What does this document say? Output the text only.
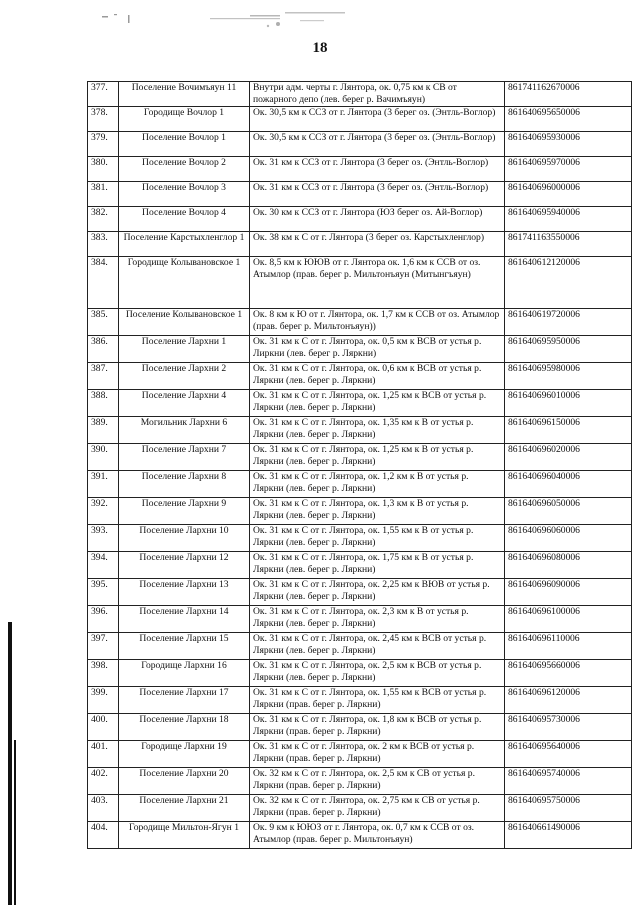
18
377.	Поселение Вочимъяун 11	Внутри адм. черты г. Лянтора, ок. 0,75 км к СВ от пожарного депо (лев. берег р. Вачимъяун)	861741162670006
378.	Городище Вочлор 1	Ок. 30,5 км к ССЗ от г. Лянтора (3 берег оз. (Энтль-Воглор)	861640695650006
379.	Поселение Вочлор 1	Ок. 30,5 км к ССЗ от г. Лянтора (3 берег оз. (Энтль-Воглор)	861640695930006
380.	Поселение Вочлор 2	Ок. 31 км к ССЗ от г. Лянтора (3 берег оз. (Энтль-Воглор)	861640695970006
381.	Поселение Вочлор 3	Ок. 31 км к ССЗ от г. Лянтора (3 берег оз. (Энтль-Воглор)	861640696000006
382.	Поселение Вочлор 4	Ок. 30 км к ССЗ от г. Лянтора (ЮЗ берег оз. Ай-Воглор)	861640695940006
383.	Поселение Карстыхленглор 1	Ок. 38 км к С от г. Лянтора (3 берег оз. Карстыхленглор)	861741163550006
384.	Городище Колывановское 1	Ок. 8,5 км к ЮЮВ от г. Лянтора ок. 1,6 км к ССВ от оз. Атымлор (прав. берег р. Мильтонъяун (Митынгъяун)	861640612120006
385.	Поселение Колывановское 1	Ок. 8 км к Ю от г. Лянтора, ок. 1,7 км к ССВ от оз. Атымлор (прав. берег р. Мильтонъяун))	861640619720006
386.	Поселение Лархни 1	Ок. 31 км к С от г. Лянтора, ок. 0,5 км к ВСВ от устья р. Лиркни (лев. берег р. Ляркни)	861640695950006
387.	Поселение Лархни 2	Ок. 31 км к С от г. Лянтора, ок. 0,6 км к ВСВ от устья р. Ляркни (лев. берег р. Ляркни)	861640695980006
388.	Поселение Лархни 4	Ок. 31 км к С от г. Лянтора, ок. 1,25 км к ВСВ от устья р. Ляркни (лев. берег р. Ляркни)	861640696010006
389.	Могильник Лархни 6	Ок. 31 км к С от г. Лянтора, ок. 1,35 км к В от устья р. Ляркни (лев. берег р. Ляркни)	861640696150006
390.	Поселение Лархни 7	Ок. 31 км к С от г. Лянтора, ок. 1,25 км к В от устья р. Ляркни (лев. берег р. Ляркни)	861640696020006
391.	Поселение Лархни 8	Ок. 31 км к С от г. Лянтора, ок. 1,2 км к В от устья р. Ляркни (лев. берег р. Ляркни)	861640696040006
392.	Поселение Лархни 9	Ок. 31 км к С от г. Лянтора, ок. 1,3 км к В от устья р. Ляркни (лев. берег р. Ляркни)	861640696050006
393.	Поселение Лархни 10	Ок. 31 км к С от г. Лянтора, ок. 1,55 км к В от устья р. Ляркни (лев. берег р. Ляркни)	861640696060006
394.	Поселение Лархни 12	Ок. 31 км к С от г. Лянтора, ок. 1,75 км к В от устья р. Ляркни (лев. берег р. Ляркни)	861640696080006
395.	Поселение Лархни 13	Ок. 31 км к С от г. Лянтора, ок. 2,25 км к ВЮВ от устья р. Ляркни (лев. берег р. Ляркни)	861640696090006
396.	Поселение Лархни 14	Ок. 31 км к С от г. Лянтора, ок. 2,3 км к В от устья р. Ляркни (лев. берег р. Ляркни)	861640696100006
397.	Поселение Лархни 15	Ок. 31 км к С от г. Лянтора, ок. 2,45 км к ВСВ от устья р. Ляркни (лев. берег р. Ляркни)	861640696110006
398.	Городище Лархни 16	Ок. 31 км к С от г. Лянтора, ок. 2,5 км к ВСВ от устья р. Ляркни (лев. берег р. Ляркни)	861640695660006
399.	Поселение Лархни 17	Ок. 31 км к С от г. Лянтора, ок. 1,55 км к ВСВ от устья р. Ляркни (прав. берег р. Ляркни)	861640696120006
400.	Поселение Лархни 18	Ок. 31 км к С от г. Лянтора, ок. 1,8 км к ВСВ от устья р. Ляркни (прав. берег р. Ляркни)	861640695730006
401.	Городище Лархни 19	Ок. 31 км к С от г. Лянтора, ок. 2 км к ВСВ от устья р. Ляркни (прав. берег р. Ляркни)	861640695640006
402.	Поселение Лархни 20	Ок. 32 км к С от г. Лянтора, ок. 2,5 км к СВ от устья р. Ляркни (прав. берег р. Ляркни)	861640695740006
403.	Поселение Лархни 21	Ок. 32 км к С от г. Лянтора, ок. 2,75 км к СВ от устья р. Ляркни (прав. берег р. Ляркни)	861640695750006
404.	Городище Мильтон-Ягун 1	Ок. 9 км к ЮЮЗ от г. Лянтора, ок. 0,7 км к ССВ от оз. Атымлор (прав. берег р. Мильтонъяун)	861640661490006
